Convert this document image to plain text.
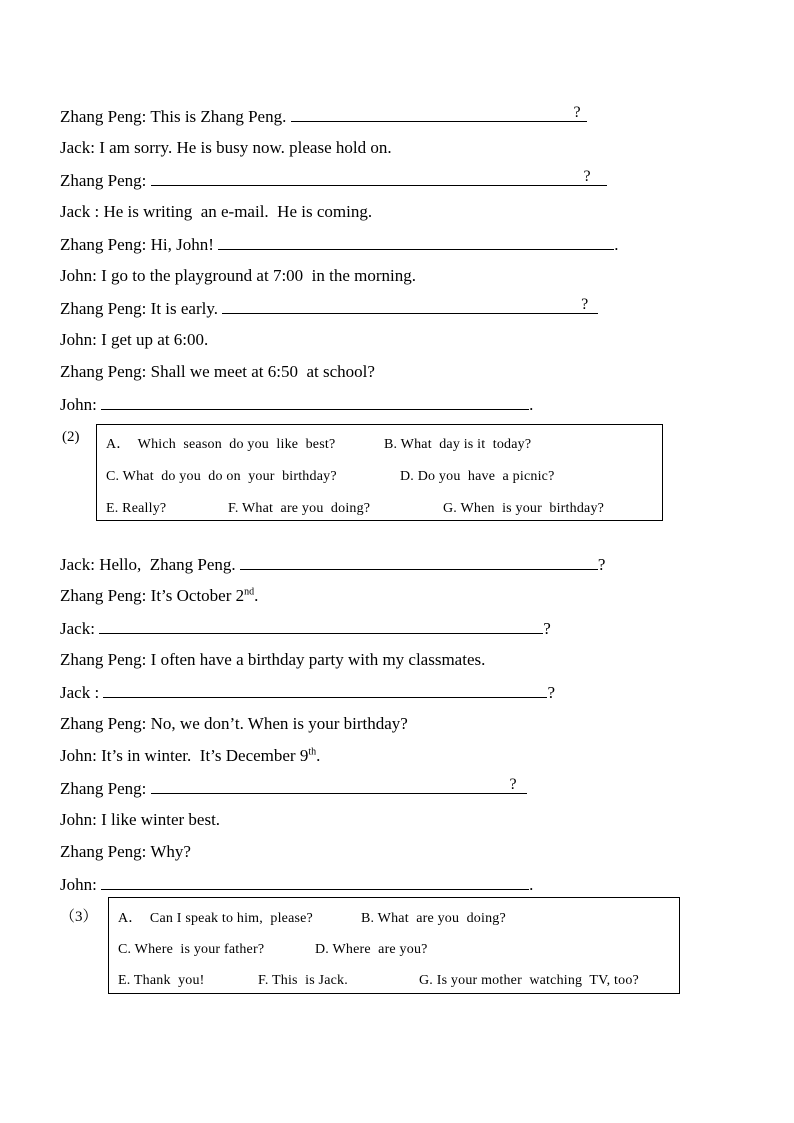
Zhang Peng: This is Zhang Peng.	?
Jack: I am sorry. He is busy now. please hold on.
Zhang Peng:	?
Jack : He is writing  an e-mail.  He is coming.
Zhang Peng: Hi, John!	.
John: I go to the playground at 7:00  in the morning.
Zhang Peng: It is early.	?
John: I get up at 6:00.
Zhang Peng: Shall we meet at 6:50  at school?
John:	.
(2) A．  Which  season  do you  like  best?	B. What  day is it  today?
C. What  do you  do on  your  birthday?	D. Do you  have  a picnic?
E. Really?	F. What  are you  doing?	G. When  is your  birthday?
Jack: Hello,  Zhang Peng.	?
Zhang Peng: It’s October 2nd.
Jack:	?
Zhang Peng: I often have a birthday party with my classmates.
Jack :	?
Zhang Peng: No, we don’t. When is your birthday?
John: It’s in winter.  It’s December 9th.
Zhang Peng:	?
John: I like winter best.
Zhang Peng: Why?
John:	.
（3） A．  Can I speak to him,  please?	B. What  are you  doing?
C. Where  is your father?	D. Where  are you?
E. Thank  you!	F. This  is Jack.	G. Is your mother  watching  TV, too?
